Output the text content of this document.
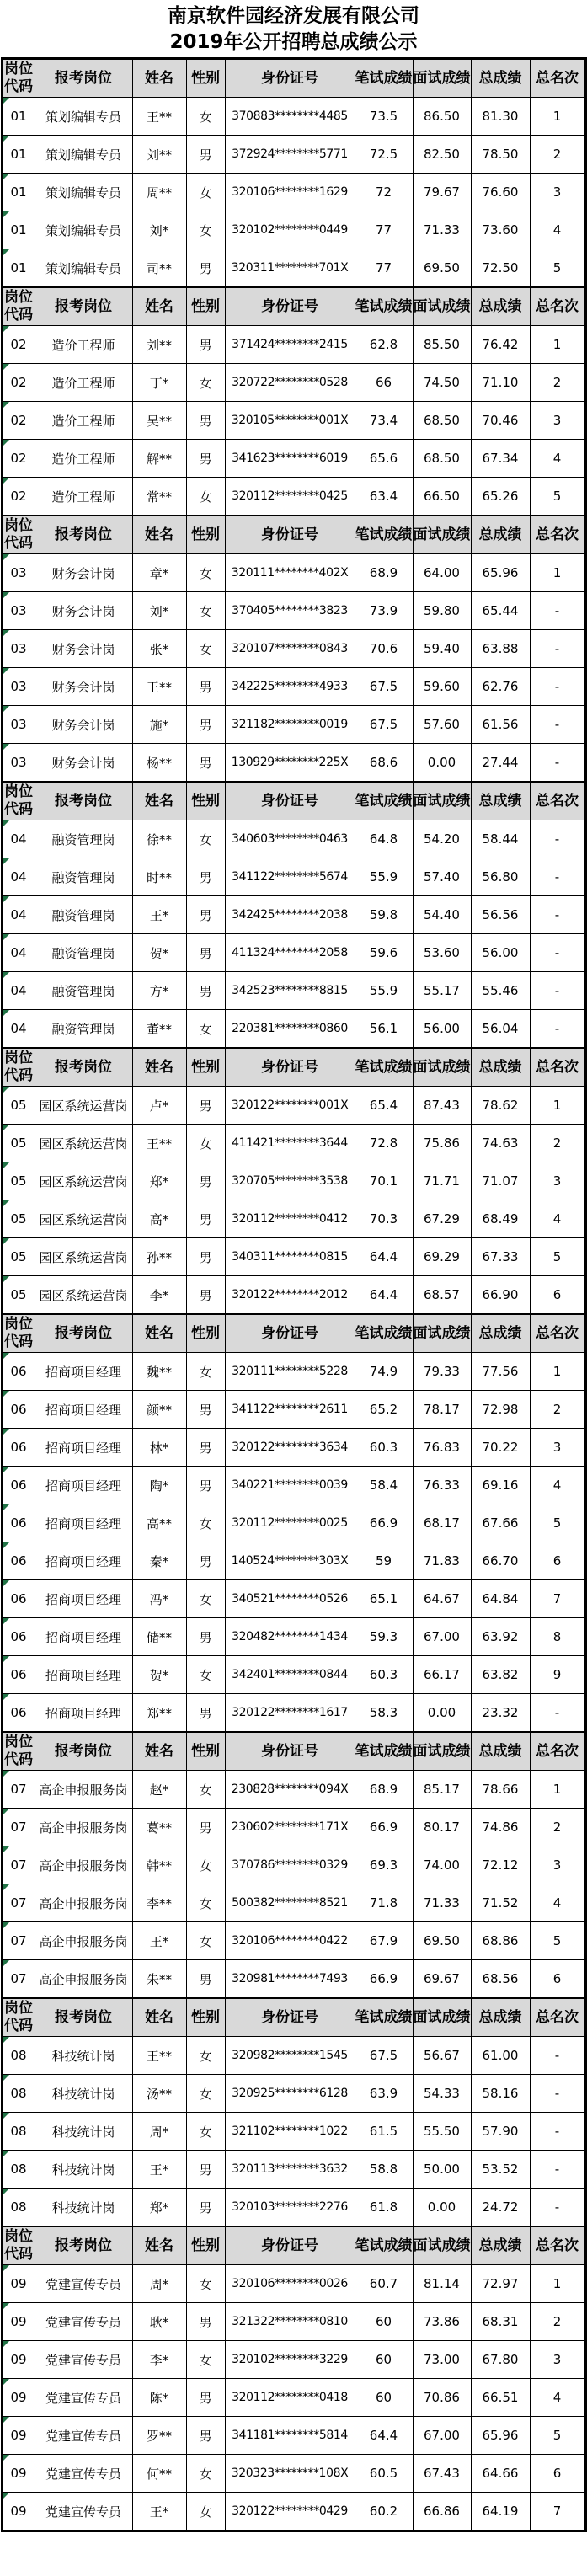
南京软件园经济发展有限公司
2019年公开招聘总成绩公示
岗位代码	报考岗位	姓名	性别	身份证号	笔试成绩	面试成绩	总成绩	总名次

01	策划编辑专员	王**	女	370883********4485	73.5	86.50	81.30	1

01	策划编辑专员	刘**	男	372924********5771	72.5	82.50	78.50	2

01	策划编辑专员	周**	女	320106********1629	72	79.67	76.60	3

01	策划编辑专员	刘*	女	320102********0449	77	71.33	73.60	4

01	策划编辑专员	司**	男	320311********701X	77	69.50	72.50	5
岗位代码	报考岗位	姓名	性别	身份证号	笔试成绩	面试成绩	总成绩	总名次

02	造价工程师	刘**	男	371424********2415	62.8	85.50	76.42	1

02	造价工程师	丁*	女	320722********0528	66	74.50	71.10	2

02	造价工程师	吴**	男	320105********001X	73.4	68.50	70.46	3

02	造价工程师	解**	男	341623********6019	65.6	68.50	67.34	4

02	造价工程师	常**	女	320112********0425	63.4	66.50	65.26	5
岗位代码	报考岗位	姓名	性别	身份证号	笔试成绩	面试成绩	总成绩	总名次

03	财务会计岗	章*	女	320111********402X	68.9	64.00	65.96	1

03	财务会计岗	刘*	女	370405********3823	73.9	59.80	65.44	-

03	财务会计岗	张*	女	320107********0843	70.6	59.40	63.88	-

03	财务会计岗	王**	男	342225********4933	67.5	59.60	62.76	-

03	财务会计岗	施*	男	321182********0019	67.5	57.60	61.56	-

03	财务会计岗	杨**	男	130929********225X	68.6	0.00	27.44	-
岗位代码	报考岗位	姓名	性别	身份证号	笔试成绩	面试成绩	总成绩	总名次

04	融资管理岗	徐**	女	340603********0463	64.8	54.20	58.44	-

04	融资管理岗	时**	男	341122********5674	55.9	57.40	56.80	-

04	融资管理岗	王*	男	342425********2038	59.8	54.40	56.56	-

04	融资管理岗	贺*	男	411324********2058	59.6	53.60	56.00	-

04	融资管理岗	方*	男	342523********8815	55.9	55.17	55.46	-

04	融资管理岗	董**	女	220381********0860	56.1	56.00	56.04	-
岗位代码	报考岗位	姓名	性别	身份证号	笔试成绩	面试成绩	总成绩	总名次

05	园区系统运营岗	卢*	男	320122********001X	65.4	87.43	78.62	1

05	园区系统运营岗	王**	女	411421********3644	72.8	75.86	74.63	2

05	园区系统运营岗	郑*	男	320705********3538	70.1	71.71	71.07	3

05	园区系统运营岗	高*	男	320112********0412	70.3	67.29	68.49	4

05	园区系统运营岗	孙**	男	340311********0815	64.4	69.29	67.33	5

05	园区系统运营岗	李*	男	320122********2012	64.4	68.57	66.90	6
岗位代码	报考岗位	姓名	性别	身份证号	笔试成绩	面试成绩	总成绩	总名次

06	招商项目经理	魏**	女	320111********5228	74.9	79.33	77.56	1

06	招商项目经理	颜**	男	341122********2611	65.2	78.17	72.98	2

06	招商项目经理	林*	男	320122********3634	60.3	76.83	70.22	3

06	招商项目经理	陶*	男	340221********0039	58.4	76.33	69.16	4

06	招商项目经理	高**	女	320112********0025	66.9	68.17	67.66	5

06	招商项目经理	秦*	男	140524********303X	59	71.83	66.70	6

06	招商项目经理	冯*	女	340521********0526	65.1	64.67	64.84	7

06	招商项目经理	储**	男	320482********1434	59.3	67.00	63.92	8

06	招商项目经理	贺*	女	342401********0844	60.3	66.17	63.82	9

06	招商项目经理	郑**	男	320122********1617	58.3	0.00	23.32	-
岗位代码	报考岗位	姓名	性别	身份证号	笔试成绩	面试成绩	总成绩	总名次

07	高企申报服务岗	赵*	女	230828********094X	68.9	85.17	78.66	1

07	高企申报服务岗	葛**	男	230602********171X	66.9	80.17	74.86	2

07	高企申报服务岗	韩**	女	370786********0329	69.3	74.00	72.12	3

07	高企申报服务岗	李**	女	500382********8521	71.8	71.33	71.52	4

07	高企申报服务岗	王*	女	320106********0422	67.9	69.50	68.86	5

07	高企申报服务岗	朱**	男	320981********7493	66.9	69.67	68.56	6
岗位代码	报考岗位	姓名	性别	身份证号	笔试成绩	面试成绩	总成绩	总名次

08	科技统计岗	王**	女	320982********1545	67.5	56.67	61.00	-

08	科技统计岗	汤**	女	320925********6128	63.9	54.33	58.16	-

08	科技统计岗	周*	女	321102********1022	61.5	55.50	57.90	-

08	科技统计岗	王*	男	320113********3632	58.8	50.00	53.52	-

08	科技统计岗	郑*	男	320103********2276	61.8	0.00	24.72	-
岗位代码	报考岗位	姓名	性别	身份证号	笔试成绩	面试成绩	总成绩	总名次

09	党建宣传专员	周*	女	320106********0026	60.7	81.14	72.97	1

09	党建宣传专员	耿*	男	321322********0810	60	73.86	68.31	2

09	党建宣传专员	李*	女	320102********3229	60	73.00	67.80	3

09	党建宣传专员	陈*	男	320112********0418	60	70.86	66.51	4

09	党建宣传专员	罗**	男	341181********5814	64.4	67.00	65.96	5

09	党建宣传专员	何**	女	320323********108X	60.5	67.43	64.66	6

09	党建宣传专员	王*	女	320122********0429	60.2	66.86	64.19	7
